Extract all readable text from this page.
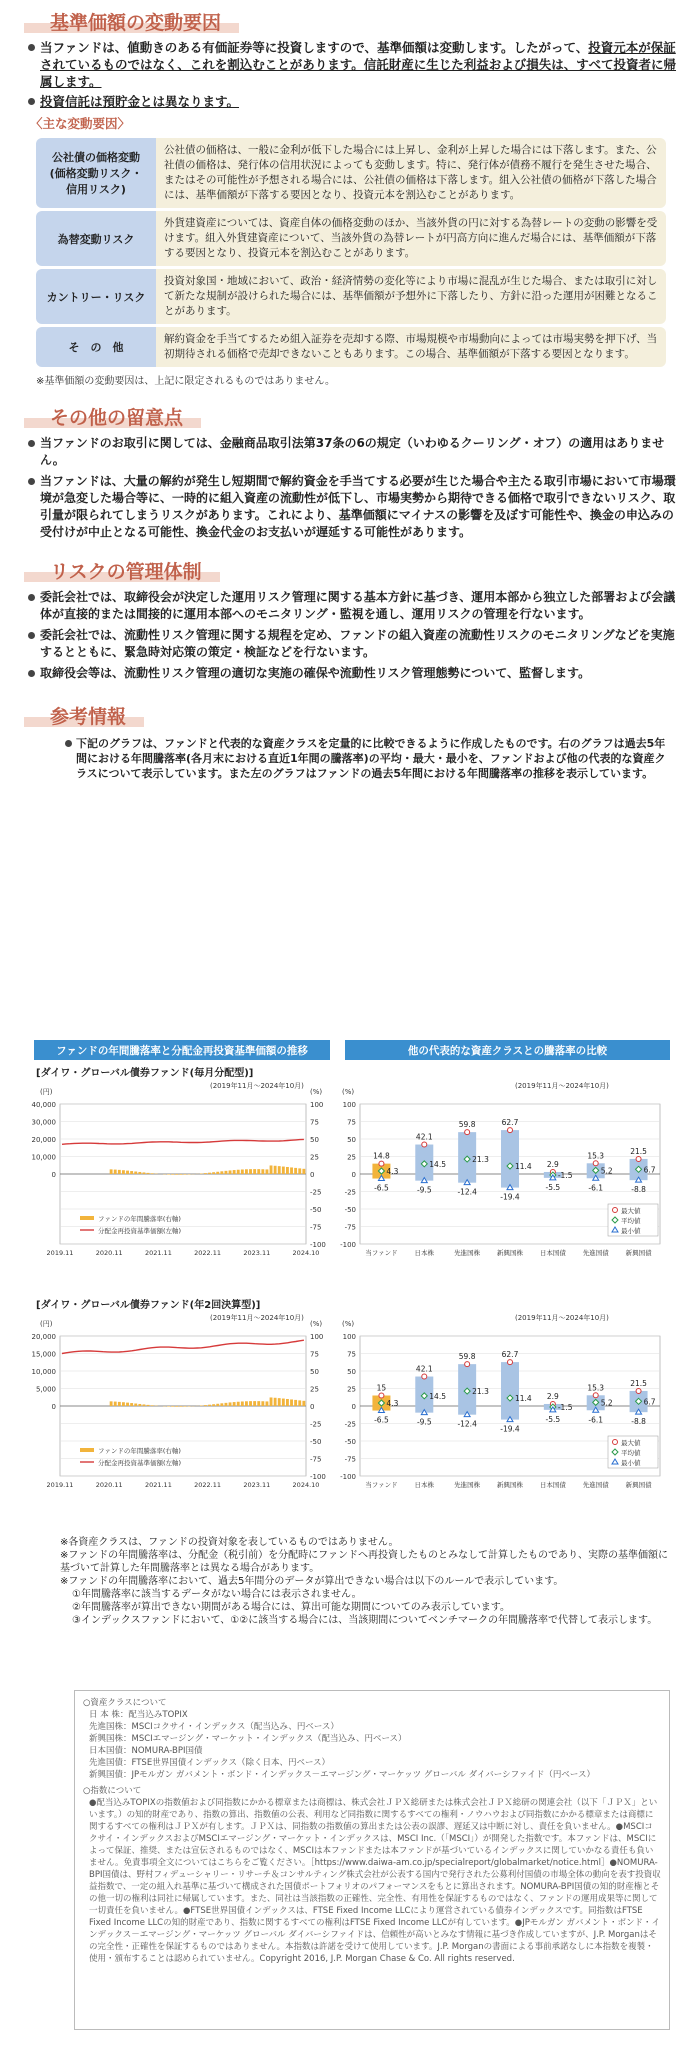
基準価額の変動要因
当ファンドは、値動きのある有価証券等に投資しますので、基準価額は変動します。したがって、投資元本が保証されているものではなく、これを割込むことがあります。信託財産に生じた利益および損失は、すべて投資者に帰属します。
投資信託は預貯金とは異なります。
〈主な変動要因〉
公社債の価格変動
(価格変動リスク・
信用リスク)	公社債の価格は、一般に金利が低下した場合には上昇し、金利が上昇した場合には下落します。また、公社債の価格は、発行体の信用状況によっても変動します。特に、発行体が債務不履行を発生させた場合、またはその可能性が予想される場合には、公社債の価格は下落します。組入公社債の価格が下落した場合には、基準価額が下落する要因となり、投資元本を割込むことがあります。
為替変動リスク	外貨建資産については、資産自体の価格変動のほか、当該外貨の円に対する為替レートの変動の影響を受けます。組入外貨建資産について、当該外貨の為替レートが円高方向に進んだ場合には、基準価額が下落する要因となり、投資元本を割込むことがあります。
カントリー・リスク	投資対象国・地域において、政治・経済情勢の変化等により市場に混乱が生じた場合、または取引に対して新たな規制が設けられた場合には、基準価額が予想外に下落したり、方針に沿った運用が困難となることがあります。
そ　の　他	解約資金を手当てするため組入証券を売却する際、市場規模や市場動向によっては市場実勢を押下げ、当初期待される価格で売却できないこともあります。この場合、基準価額が下落する要因となります。
※基準価額の変動要因は、上記に限定されるものではありません。
その他の留意点
当ファンドのお取引に関しては、金融商品取引法第37条の6の規定（いわゆるクーリング・オフ）の適用はありません。
当ファンドは、大量の解約が発生し短期間で解約資金を手当てする必要が生じた場合や主たる取引市場において市場環境が急変した場合等に、一時的に組入資産の流動性が低下し、市場実勢から期待できる価格で取引できないリスク、取引量が限られてしまうリスクがあります。これにより、基準価額にマイナスの影響を及ぼす可能性や、換金の申込みの受付けが中止となる可能性、換金代金のお支払いが遅延する可能性があります。
リスクの管理体制
委託会社では、取締役会が決定した運用リスク管理に関する基本方針に基づき、運用本部から独立した部署および会議体が直接的または間接的に運用本部へのモニタリング・監視を通し、運用リスクの管理を行ないます。
委託会社では、流動性リスク管理に関する規程を定め、ファンドの組入資産の流動性リスクのモニタリングなどを実施するとともに、緊急時対応策の策定・検証などを行ないます。
取締役会等は、流動性リスク管理の適切な実施の確保や流動性リスク管理態勢について、監督します。
参考情報
下記のグラフは、ファンドと代表的な資産クラスを定量的に比較できるように作成したものです。右のグラフは過去5年間における年間騰落率(各月末における直近1年間の騰落率)の平均・最大・最小を、ファンドおよび他の代表的な資産クラスについて表示しています。また左のグラフはファンドの過去5年間における年間騰落率の推移を表示しています。
ファンドの年間騰落率と分配金再投資基準価額の推移	他の代表的な資産クラスとの騰落率の比較
[ダイワ・グローバル債券ファンド(毎月分配型)]
(2019年11月～2024年10月)
(円)	(%)
100
75
50
25
0
-25
-50
-75
-100
40,000
30,000
20,000
10,000
0
ファンドの年間騰落率(右軸)
分配金再投資基準価額(左軸)
2019.11	2020.11	2021.11	2022.11	2023.11	2024.10
(2019年11月～2024年10月)
(%)
100
75
50
25
0
-25
-50
-75
-100
14.8
4.3
-6.5
当ファンド
42.1
14.5
-9.5
日本株
59.8
21.3
-12.4
先進国株
62.7
11.4
-19.4
新興国株
2.9
-1.5
-5.5
日本国債
15.3
5.2
-6.1
先進国債
21.5
6.7
-8.8
新興国債
最大値
平均値
最小値
[ダイワ・グローバル債券ファンド(年2回決算型)]
(2019年11月～2024年10月)
(円)	(%)
100
75
50
25
0
-25
-50
-75
-100
20,000
15,000
10,000
5,000
0
ファンドの年間騰落率(右軸)
分配金再投資基準価額(左軸)
2019.11	2020.11	2021.11	2022.11	2023.11	2024.10
(2019年11月～2024年10月)
(%)
100
75
50
25
0
-25
-50
-75
-100
15
4.3
-6.5
当ファンド
42.1
14.5
-9.5
日本株
59.8
21.3
-12.4
先進国株
62.7
11.4
-19.4
新興国株
2.9
-1.5
-5.5
日本国債
15.3
5.2
-6.1
先進国債
21.5
6.7
-8.8
新興国債
最大値
平均値
最小値
※各資産クラスは、ファンドの投資対象を表しているものではありません。
※ファンドの年間騰落率は、分配金（税引前）を分配時にファンドへ再投資したものとみなして計算したものであり、実際の基準価額に基づいて計算した年間騰落率とは異なる場合があります。
※ファンドの年間騰落率において、過去5年間分のデータが算出できない場合は以下のルールで表示しています。
①年間騰落率に該当するデータがない場合には表示されません。
②年間騰落率が算出できない期間がある場合には、算出可能な期間についてのみ表示しています。
③インデックスファンドにおいて、①②に該当する場合には、当該期間についてベンチマークの年間騰落率で代替して表示します。

○資産クラスについて

日 本 株：配当込みTOPIX

先進国株：MSCIコクサイ・インデックス（配当込み、円ベース）

新興国株：MSCIエマージング・マーケット・インデックス（配当込み、円ベース）

日本国債：NOMURA-BPI国債

先進国債：FTSE世界国債インデックス（除く日本、円ベース）

新興国債：JPモルガン ガバメント・ボンド・インデックス－エマージング・マーケッツ グローバル ダイバーシファイド（円ベース）

○指数について

●配当込みTOPIXの指数値および同指数にかかる標章または商標は、株式会社ＪＰＸ総研または株式会社ＪＰＸ総研の関連会社（以下「ＪＰＸ」といいます。）の知的財産であり、指数の算出、指数値の公表、利用など同指数に関するすべての権利・ノウハウおよび同指数にかかる標章または商標に関するすべての権利はＪＰＸが有します。ＪＰＸは、同指数の指数値の算出または公表の誤謬、遅延又は中断に対し、責任を負いません。●MSCIコクサイ・インデックスおよびMSCIエマージング・マーケット・インデックスは、MSCI Inc.（「MSCI」）が開発した指数です。本ファンドは、MSCIによって保証、推奨、または宣伝されるものではなく、MSCIは本ファンドまたは本ファンドが基づいているインデックスに関していかなる責任も負いません。免責事項全文についてはこちらをご覧ください。［https://www.daiwa-am.co.jp/specialreport/globalmarket/notice.html］●NOMURA-BPI国債は、野村フィデューシャリー・リサーチ＆コンサルティング株式会社が公表する国内で発行された公募利付国債の市場全体の動向を表す投資収益指数で、一定の組入れ基準に基づいて構成された国債ポートフォリオのパフォーマンスをもとに算出されます。NOMURA-BPI国債の知的財産権とその他一切の権利は同社に帰属しています。また、同社は当該指数の正確性、完全性、有用性を保証するものではなく、ファンドの運用成果等に関して一切責任を負いません。●FTSE世界国債インデックスは、FTSE Fixed Income LLCにより運営されている債券インデックスです。同指数はFTSE Fixed Income LLCの知的財産であり、指数に関するすべての権利はFTSE Fixed Income LLCが有しています。●JPモルガン ガバメント・ボンド・インデックス－エマージング・マーケッツ グローバル ダイバーシファイドは、信頼性が高いとみなす情報に基づき作成していますが、J.P. Morganはその完全性・正確性を保証するものではありません。本指数は許諾を受けて使用しています。J.P. Morganの書面による事前承諾なしに本指数を複製・使用・頒布することは認められていません。Copyright 2016, J.P. Morgan Chase & Co. All rights reserved.
